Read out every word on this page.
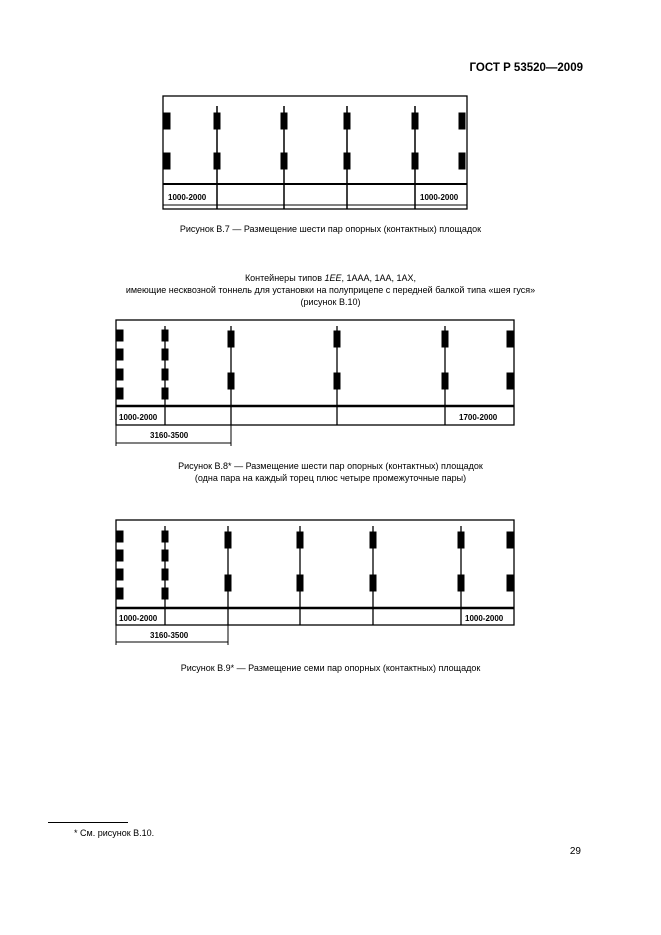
ГОСТ Р 53520—2009
1000-2000	1000-2000
Рисунок В.7 — Размещение шести пар опорных (контактных) площадок
Контейнеры типов 1ЕЕ, 1ААА, 1АА, 1АХ,
имеющие несквозной тоннель для установки на полуприцепе с передней балкой типа «шея гуся»
(рисунок В.10)
1000-2000	1700-2000
3160-3500
Рисунок В.8* — Размещение шести пар опорных (контактных) площадок
(одна пара на каждый торец плюс четыре промежуточные пары)
1000-2000	1000-2000
3160-3500
Рисунок В.9* — Размещение семи пар опорных (контактных) площадок
* См. рисунок В.10.
29
